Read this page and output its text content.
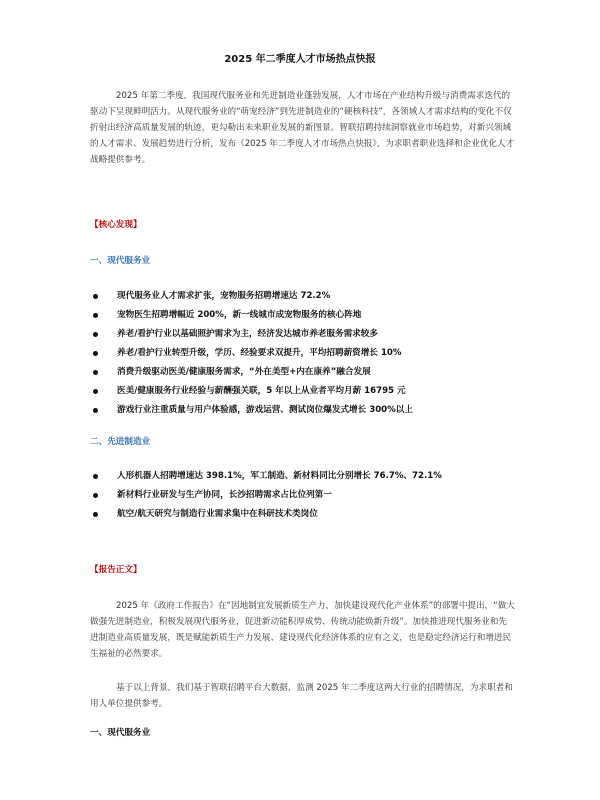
2025 年二季度人才市场热点快报
2025 年第二季度，我国现代服务业和先进制造业蓬勃发展，人才市场在产业结构升级与消费需求迭代的驱动下呈现鲜明活力。从现代服务业的“萌宠经济”到先进制造业的“硬核科技”，各领域人才需求结构的变化不仅折射出经济高质量发展的轨迹，更勾勒出未来职业发展的新图景。智联招聘持续洞察就业市场趋势，对新兴领域的人才需求、发展趋势进行分析，发布《2025 年二季度人才市场热点快报》，为求职者职业选择和企业优化人才战略提供参考。
【核心发现】
一、现代服务业
现代服务业人才需求扩张，宠物服务招聘增速达 72.2%
宠物医生招聘增幅近 200%，新一线城市成宠物服务的核心阵地
养老/看护行业以基础照护需求为主，经济发达城市养老服务需求较多
养老/看护行业转型升级，学历、经验要求双提升，平均招聘薪资增长 10%
消费升级驱动医美/健康服务需求，“外在美型+内在康养”融合发展
医美/健康服务行业经验与薪酬强关联，5 年以上从业者平均月薪 16795 元
游戏行业注重质量与用户体验感，游戏运营、测试岗位爆发式增长 300%以上
二、先进制造业
人形机器人招聘增速达 398.1%，军工制造、新材料同比分别增长 76.7%、72.1%
新材料行业研发与生产协同，长沙招聘需求占比位列第一
航空/航天研究与制造行业需求集中在科研技术类岗位
【报告正文】
2025 年《政府工作报告》在“因地制宜发展新质生产力，加快建设现代化产业体系”的部署中提出，“做大做强先进制造业，积极发展现代服务业，促进新动能积厚成势、传统动能焕新升级”。加快推进现代服务业和先进制造业高质量发展，既是赋能新质生产力发展、建设现代化经济体系的应有之义，也是稳定经济运行和增进民生福祉的必然要求。
基于以上背景，我们基于智联招聘平台大数据，监测 2025 年二季度这两大行业的招聘情况，为求职者和用人单位提供参考。
一、现代服务业
